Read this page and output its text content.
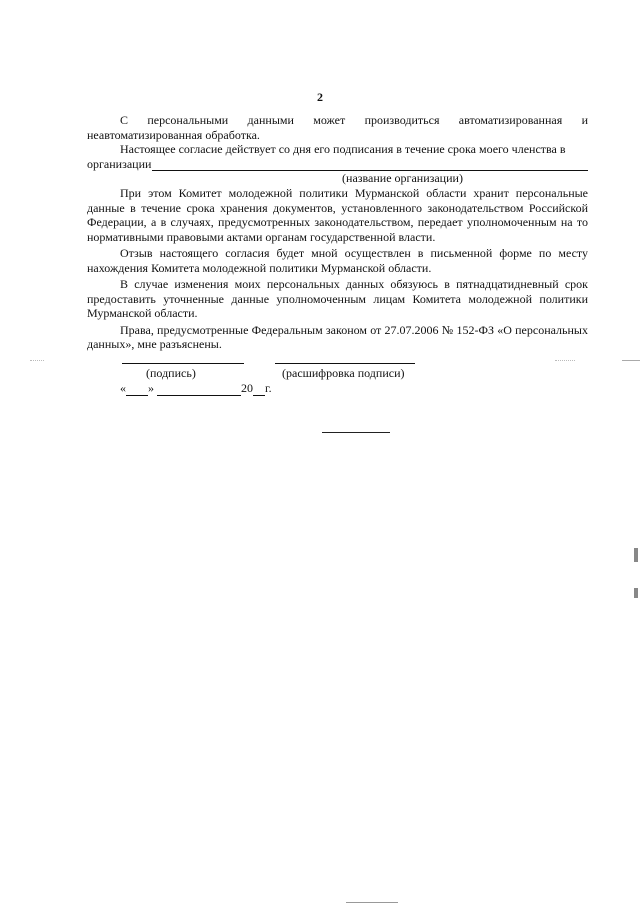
2

С персональными данными может производиться автоматизированная и неавтоматизированная обработка.

Настоящее согласие действует со дня его подписания в течение срока моего членства в

организации

(название организации)

При этом Комитет молодежной политики Мурманской области хранит персональные данные в течение срока хранения документов, установленного законодательством Российской Федерации, а в случаях, предусмотренных законодательством, передает уполномоченным на то нормативными правовыми актами органам государственной власти.

Отзыв настоящего согласия будет мной осуществлен в письменной форме по месту нахождения Комитета молодежной политики Мурманской области.

В случае изменения моих персональных данных обязуюсь в пятнадцатидневный срок предоставить уточненные данные уполномоченным лицам Комитета молодежной политики Мурманской области.

Права, предусмотренные Федеральным законом от 27.07.2006 № 152-ФЗ «О персональных данных», мне разъяснены.

(подпись)	(расшифровка подписи)
« »	20 г.
